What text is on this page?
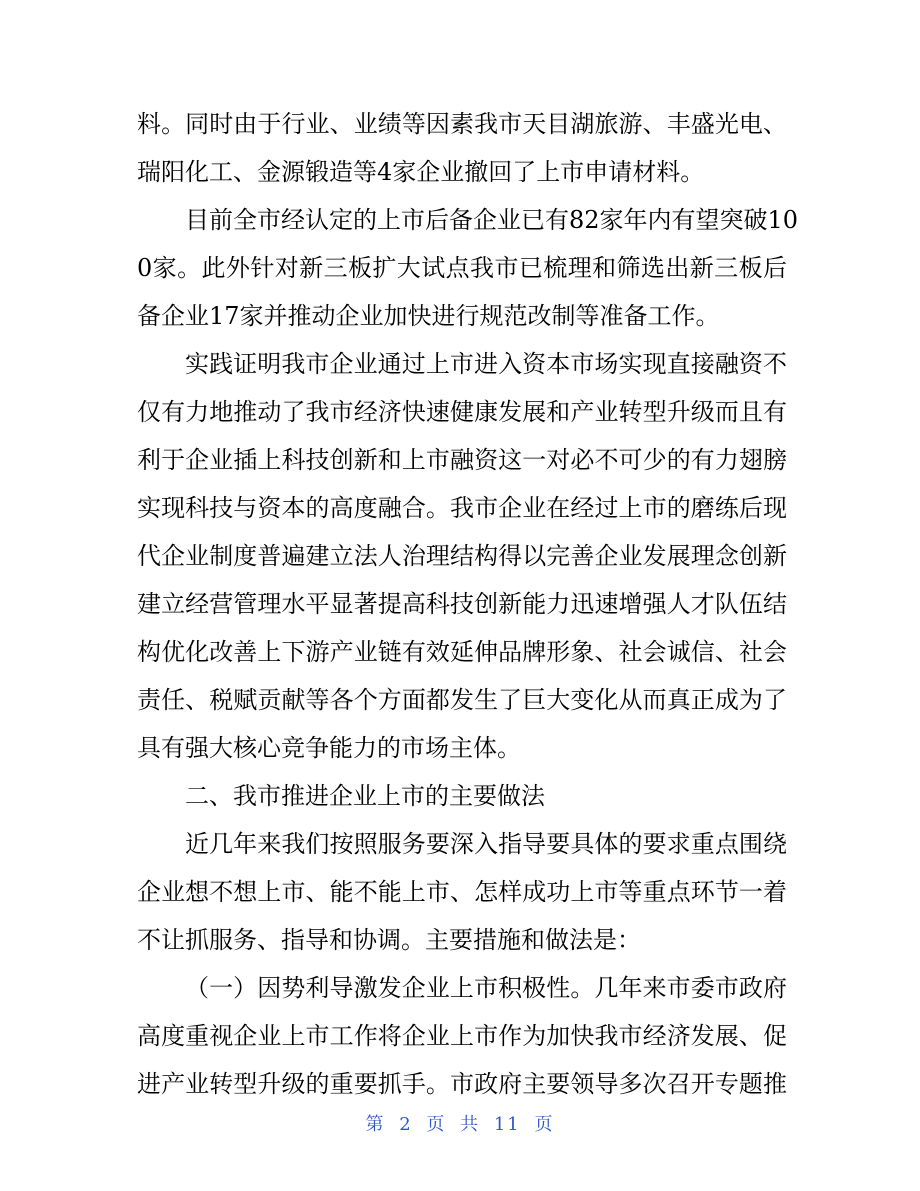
料。同时由于行业、业绩等因素我市天目湖旅游、丰盛光电、
瑞阳化工、金源锻造等4家企业撤回了上市申请材料。
目前全市经认定的上市后备企业已有82家年内有望突破10
0家。此外针对新三板扩大试点我市已梳理和筛选出新三板后
备企业17家并推动企业加快进行规范改制等准备工作。
实践证明我市企业通过上市进入资本市场实现直接融资不
仅有力地推动了我市经济快速健康发展和产业转型升级而且有
利于企业插上科技创新和上市融资这一对必不可少的有力翅膀
实现科技与资本的高度融合。我市企业在经过上市的磨练后现
代企业制度普遍建立法人治理结构得以完善企业发展理念创新
建立经营管理水平显著提高科技创新能力迅速增强人才队伍结
构优化改善上下游产业链有效延伸品牌形象、社会诚信、社会
责任、税赋贡献等各个方面都发生了巨大变化从而真正成为了
具有强大核心竞争能力的市场主体。
二、我市推进企业上市的主要做法
近几年来我们按照服务要深入指导要具体的要求重点围绕
企业想不想上市、能不能上市、怎样成功上市等重点环节一着
不让抓服务、指导和协调。主要措施和做法是：
（一）因势利导激发企业上市积极性。几年来市委市政府
高度重视企业上市工作将企业上市作为加快我市经济发展、促
进产业转型升级的重要抓手。市政府主要领导多次召开专题推
第 2 页 共 11 页
